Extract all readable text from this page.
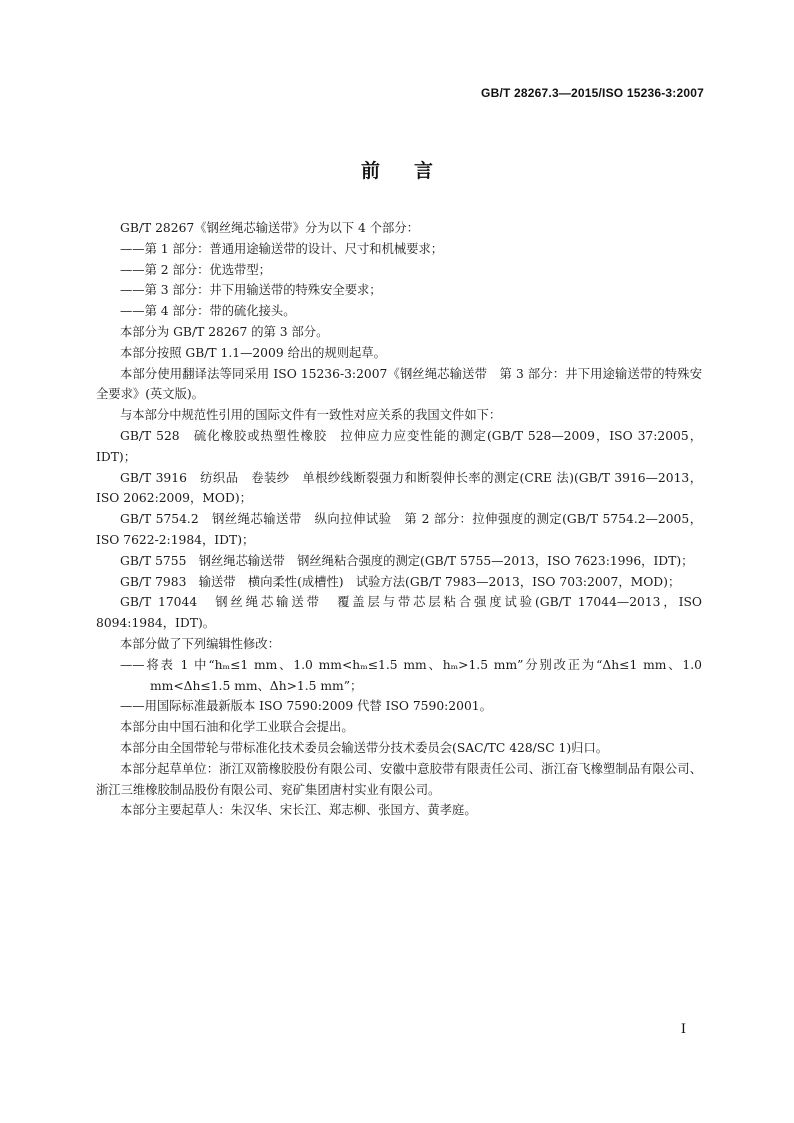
GB/T 28267.3—2015/ISO 15236-3:2007
前言

GB/T 28267《钢丝绳芯输送带》分为以下 4 个部分：

——第 1 部分：普通用途输送带的设计、尺寸和机械要求；

——第 2 部分：优选带型；

——第 3 部分：井下用输送带的特殊安全要求；

——第 4 部分：带的硫化接头。

本部分为 GB/T 28267 的第 3 部分。

本部分按照 GB/T 1.1—2009 给出的规则起草。

本部分使用翻译法等同采用 ISO 15236-3:2007《钢丝绳芯输送带　第 3 部分：井下用途输送带的特殊安全要求》(英文版)。

与本部分中规范性引用的国际文件有一致性对应关系的我国文件如下：

GB/T 528　硫化橡胶或热塑性橡胶　拉伸应力应变性能的测定(GB/T 528—2009，ISO 37:2005，IDT)；

GB/T 3916　纺织品　卷装纱　单根纱线断裂强力和断裂伸长率的测定(CRE 法)(GB/T 3916—2013，ISO 2062:2009，MOD)；

GB/T 5754.2　钢丝绳芯输送带　纵向拉伸试验　第 2 部分：拉伸强度的测定(GB/T 5754.2—2005，ISO 7622-2:1984，IDT)；

GB/T 5755　钢丝绳芯输送带　钢丝绳粘合强度的测定(GB/T 5755—2013，ISO 7623:1996，IDT)；

GB/T 7983　输送带　横向柔性(成槽性)　试验方法(GB/T 7983—2013，ISO 703:2007，MOD)；

GB/T 17044　钢丝绳芯输送带　覆盖层与带芯层粘合强度试验(GB/T 17044—2013，ISO 8094:1984，IDT)。

本部分做了下列编辑性修改：

——将表 1 中“hₘ≤1 mm、1.0 mm<hₘ≤1.5 mm、hₘ>1.5 mm”分别改正为“Δh≤1 mm、1.0 mm<Δh≤1.5 mm、Δh>1.5 mm”；

——用国际标准最新版本 ISO 7590:2009 代替 ISO 7590:2001。

本部分由中国石油和化学工业联合会提出。

本部分由全国带轮与带标准化技术委员会输送带分技术委员会(SAC/TC 428/SC 1)归口。

本部分起草单位：浙江双箭橡胶股份有限公司、安徽中意胶带有限责任公司、浙江奋飞橡塑制品有限公司、浙江三维橡胶制品股份有限公司、兖矿集团唐村实业有限公司。

本部分主要起草人：朱汉华、宋长江、郑志柳、张国方、黄孝庭。

I
